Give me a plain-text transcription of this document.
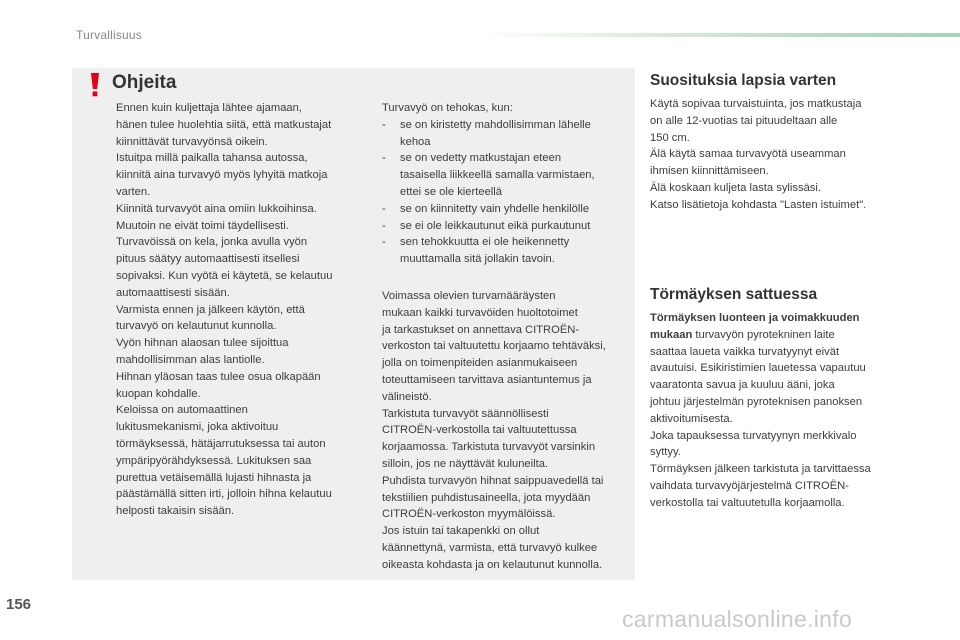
Turvallisuus
Ohjeita

Ennen kuin kuljettaja lähtee ajamaan,

hänen tulee huolehtia siitä, että matkustajat

kiinnittävät turvavyönsä oikein.

Istuitpa millä paikalla tahansa autossa,

kiinnitä aina turvavyö myös lyhyitä matkoja

varten.

Kiinnitä turvavyöt aina omiin lukkoihinsa.

Muutoin ne eivät toimi täydellisesti.

Turvavöissä on kela, jonka avulla vyön

pituus säätyy automaattisesti itsellesi

sopivaksi. Kun vyötä ei käytetä, se kelautuu

automaattisesti sisään.

Varmista ennen ja jälkeen käytön, että

turvavyö on kelautunut kunnolla.

Vyön hihnan alaosan tulee sijoittua

mahdollisimman alas lantiolle.

Hihnan yläosan taas tulee osua olkapään

kuopan kohdalle.

Keloissa on automaattinen

lukitusmekanismi, joka aktivoituu

törmäyksessä, hätäjarrutuksessa tai auton

ympäripyörähdyksessä. Lukituksen saa

purettua vetäisemällä lujasti hihnasta ja

päästämällä sitten irti, jolloin hihna kelautuu

helposti takaisin sisään.

Turvavyö on tehokas, kun:

-	se on kiristetty mahdollisimman lähelle
kehoa
-	se on vedetty matkustajan eteen
tasaisella liikkeellä samalla varmistaen,
ettei se ole kierteellä
-	se on kiinnitetty vain yhdelle henkilölle
-	se ei ole leikkautunut eikä purkautunut
-	sen tehokkuutta ei ole heikennetty
muuttamalla sitä jollakin tavoin.

Voimassa olevien turvamääräysten

mukaan kaikki turvavöiden huoltotoimet

ja tarkastukset on annettava CITROËN-

verkoston tai valtuutettu korjaamo tehtäväksi,

jolla on toimenpiteiden asianmukaiseen

toteuttamiseen tarvittava asiantuntemus ja

välineistö.

Tarkistuta turvavyöt säännöllisesti

CITROËN-verkostolla tai valtuutettussa

korjaamossa. Tarkistuta turvavyöt varsinkin

silloin, jos ne näyttävät kuluneilta.

Puhdista turvavyön hihnat saippuavedellä tai

tekstiilien puhdistusaineella, jota myydään

CITROËN-verkoston myymälöissä.

Jos istuin tai takapenkki on ollut

käännettynä, varmista, että turvavyö kulkee

oikeasta kohdasta ja on kelautunut kunnolla.

Suosituksia lapsia varten

Käytä sopivaa turvaistuinta, jos matkustaja

on alle 12-vuotias tai pituudeltaan alle

150 cm.

Älä käytä samaa turvavyötä useamman

ihmisen kiinnittämiseen.

Älä koskaan kuljeta lasta sylissäsi.

Katso lisätietoja kohdasta "Lasten istuimet".

Törmäyksen sattuessa

Törmäyksen luonteen ja voimakkuuden

mukaan turvavyön pyrotekninen laite

saattaa laueta vaikka turvatyynyt eivät

avautuisi. Esikiristimien lauetessa vapautuu

vaaratonta savua ja kuuluu ääni, joka

johtuu järjestelmän pyroteknisen panoksen

aktivoitumisesta.

Joka tapauksessa turvatyynyn merkkivalo

syttyy.

Törmäyksen jälkeen tarkistuta ja tarvittaessa

vaihdata turvavyöjärjestelmä CITROËN-

verkostolla tai valtuutetulla korjaamolla.

156
carmanualsonline.info
